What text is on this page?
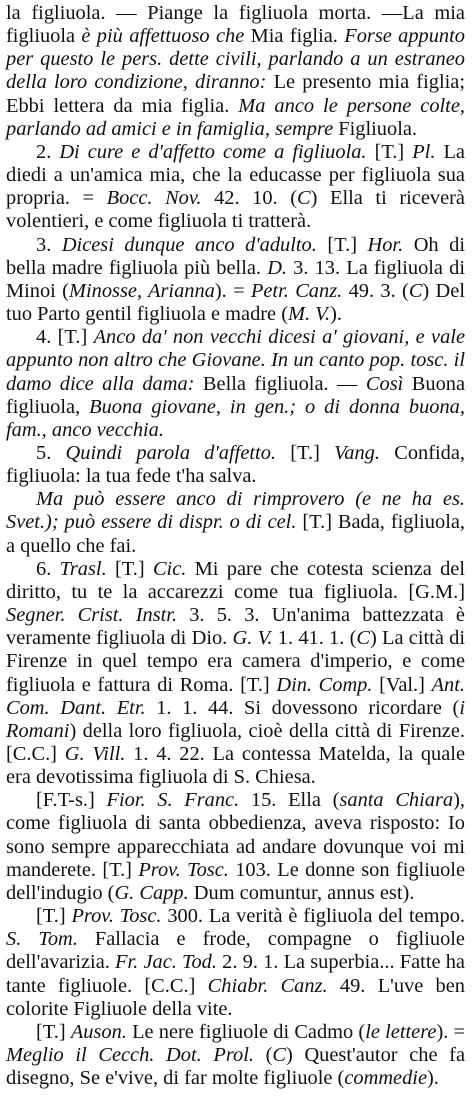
la figliuola. — Piange la figliuola morta. —La mia figliuola è più affettuoso che Mia figlia. Forse appunto per questo le pers. dette civili, parlando a un estraneo della loro condizione, diranno: Le presento mia figlia; Ebbi lettera da mia figlia. Ma anco le persone colte, parlando ad amici e in famiglia, sempre Figliuola.

2. Di cure e d'affetto come a figliuola. [T.] Pl. La diedi a un'amica mia, che la educasse per figliuola sua propria. = Bocc. Nov. 42. 10. (C) Ella ti riceverà volentieri, e come figliuola ti tratterà.

3. Dicesi dunque anco d'adulto. [T.] Hor. Oh di bella madre figliuola più bella. D. 3. 13. La figliuola di Minoi (Minosse, Arianna). = Petr. Canz. 49. 3. (C) Del tuo Parto gentil figliuola e madre (M. V.).

4. [T.] Anco da' non vecchi dicesi a' giovani, e vale appunto non altro che Giovane. In un canto pop. tosc. il damo dice alla dama: Bella figliuola. — Così Buona figliuola, Buona giovane, in gen.; o di donna buona, fam., anco vecchia.

5. Quindi parola d'affetto. [T.] Vang. Confida, figliuola: la tua fede t'ha salva.

Ma può essere anco di rimprovero (e ne ha es. Svet.); può essere di dispr. o di cel. [T.] Bada, figliuola, a quello che fai.

6. Trasl. [T.] Cic. Mi pare che cotesta scienza del diritto, tu te la accarezzi come tua figliuola. [G.M.] Segner. Crist. Instr. 3. 5. 3. Un'anima battezzata è veramente figliuola di Dio. G. V. 1. 41. 1. (C) La città di Firenze in quel tempo era camera d'imperio, e come figliuola e fattura di Roma. [T.] Din. Comp. [Val.] Ant. Com. Dant. Etr. 1. 1. 44. Si dovessono ricordare (i Romani) della loro figliuola, cioè della città di Firenze. [C.C.] G. Vill. 1. 4. 22. La contessa Matelda, la quale era devotissima figliuola di S. Chiesa.

[F.T-s.] Fior. S. Franc. 15. Ella (santa Chiara), come figliuola di santa obbedienza, aveva risposto: Io sono sempre apparecchiata ad andare dovunque voi mi manderete. [T.] Prov. Tosc. 103. Le donne son figliuole dell'indugio (G. Capp. Dum comuntur, annus est).

[T.] Prov. Tosc. 300. La verità è figliuola del tempo. S. Tom. Fallacia e frode, compagne o figliuole dell'avarizia. Fr. Jac. Tod. 2. 9. 1. La superbia... Fatte ha tante figliuole. [C.C.] Chiabr. Canz. 49. L'uve ben colorite Figliuole della vite.

[T.] Auson. Le nere figliuole di Cadmo (le lettere). = Meglio il Cecch. Dot. Prol. (C) Quest'autor che fa disegno, Se e'vive, di far molte figliuole (commedie).
